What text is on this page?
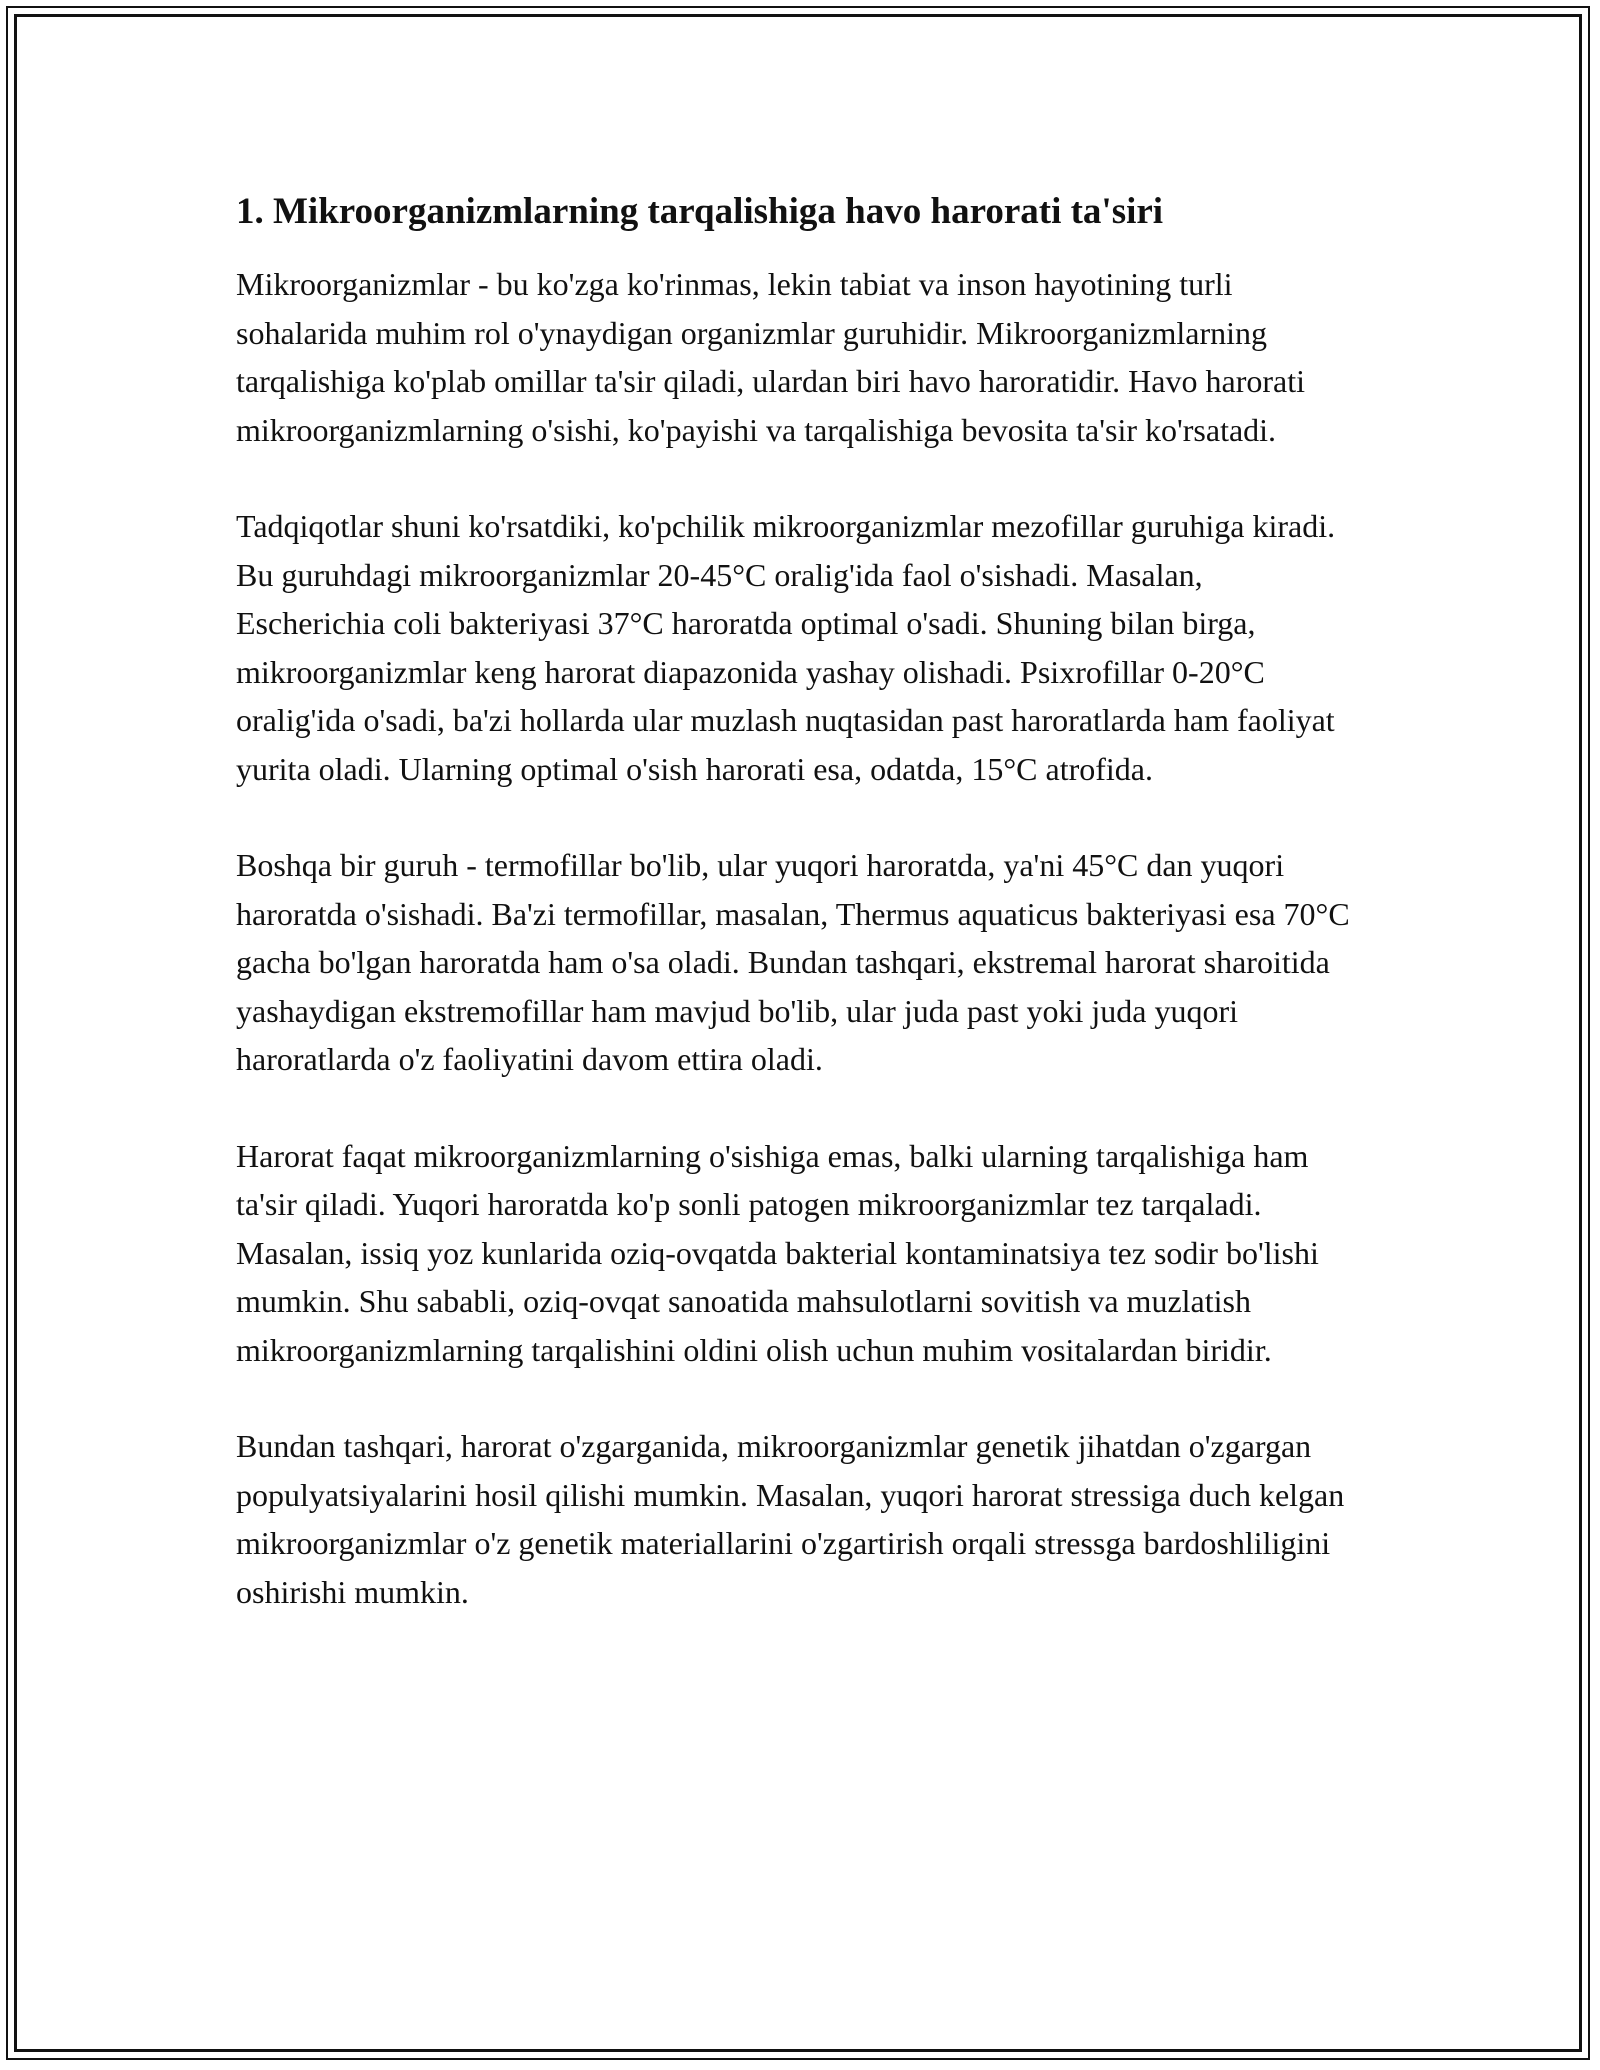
1. Mikroorganizmlarning tarqalishiga havo harorati ta'siri

Mikroorganizmlar - bu ko'zga ko'rinmas, lekin tabiat va inson hayotining turli sohalarida muhim rol o'ynaydigan organizmlar guruhidir. Mikroorganizmlarning tarqalishiga ko'plab omillar ta'sir qiladi, ulardan biri havo haroratidir. Havo harorati mikroorganizmlarning o'sishi, ko'payishi va tarqalishiga bevosita ta'sir ko'rsatadi.

Tadqiqotlar shuni ko'rsatdiki, ko'pchilik mikroorganizmlar mezofillar guruhiga kiradi. Bu guruhdagi mikroorganizmlar 20-45°C oralig'ida faol o'sishadi. Masalan, Escherichia coli bakteriyasi 37°C haroratda optimal o'sadi. Shuning bilan birga, mikroorganizmlar keng harorat diapazonida yashay olishadi. Psixrofillar 0-20°C oralig'ida o'sadi, ba'zi hollarda ular muzlash nuqtasidan past haroratlarda ham faoliyat yurita oladi. Ularning optimal o'sish harorati esa, odatda, 15°C atrofida.

Boshqa bir guruh - termofillar bo'lib, ular yuqori haroratda, ya'ni 45°C dan yuqori haroratda o'sishadi. Ba'zi termofillar, masalan, Thermus aquaticus bakteriyasi esa 70°C gacha bo'lgan haroratda ham o'sa oladi. Bundan tashqari, ekstremal harorat sharoitida yashaydigan ekstremofillar ham mavjud bo'lib, ular juda past yoki juda yuqori haroratlarda o'z faoliyatini davom ettira oladi.

Harorat faqat mikroorganizmlarning o'sishiga emas, balki ularning tarqalishiga ham ta'sir qiladi. Yuqori haroratda ko'p sonli patogen mikroorganizmlar tez tarqaladi. Masalan, issiq yoz kunlarida oziq-ovqatda bakterial kontaminatsiya tez sodir bo'lishi mumkin. Shu sababli, oziq-ovqat sanoatida mahsulotlarni sovitish va muzlatish mikroorganizmlarning tarqalishini oldini olish uchun muhim vositalardan biridir.

Bundan tashqari, harorat o'zgarganida, mikroorganizmlar genetik jihatdan o'zgargan populyatsiyalarini hosil qilishi mumkin. Masalan, yuqori harorat stressiga duch kelgan mikroorganizmlar o'z genetik materiallarini o'zgartirish orqali stressga bardoshliligini oshirishi mumkin.
